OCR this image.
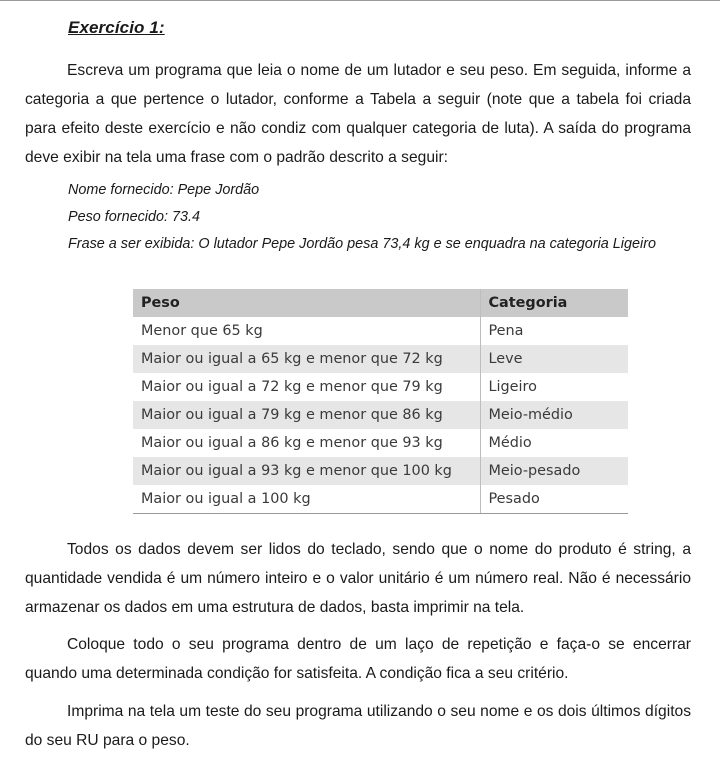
Exercício 1:

Escreva um programa que leia o nome de um lutador e seu peso. Em seguida, informe a categoria a que pertence o lutador, conforme a Tabela a seguir (note que a tabela foi criada para efeito deste exercício e não condiz com qualquer categoria de luta). A saída do programa deve exibir na tela uma frase com o padrão descrito a seguir:

Nome fornecido: Pepe Jordão
Peso fornecido: 73.4
Frase a ser exibida: O lutador Pepe Jordão pesa 73,4 kg e se enquadra na categoria Ligeiro
Peso	Categoria
Menor que 65 kg	Pena
Maior ou igual a 65 kg e menor que 72 kg	Leve
Maior ou igual a 72 kg e menor que 79 kg	Ligeiro
Maior ou igual a 79 kg e menor que 86 kg	Meio-médio
Maior ou igual a 86 kg e menor que 93 kg	Médio
Maior ou igual a 93 kg e menor que 100 kg	Meio-pesado
Maior ou igual a 100 kg	Pesado

Todos os dados devem ser lidos do teclado, sendo que o nome do produto é string, a quantidade vendida é um número inteiro e o valor unitário é um número real. Não é necessário armazenar os dados em uma estrutura de dados, basta imprimir na tela.

Coloque todo o seu programa dentro de um laço de repetição e faça-o se encerrar quando uma determinada condição for satisfeita. A condição fica a seu critério.

Imprima na tela um teste do seu programa utilizando o seu nome e os dois últimos dígitos do seu RU para o peso.
